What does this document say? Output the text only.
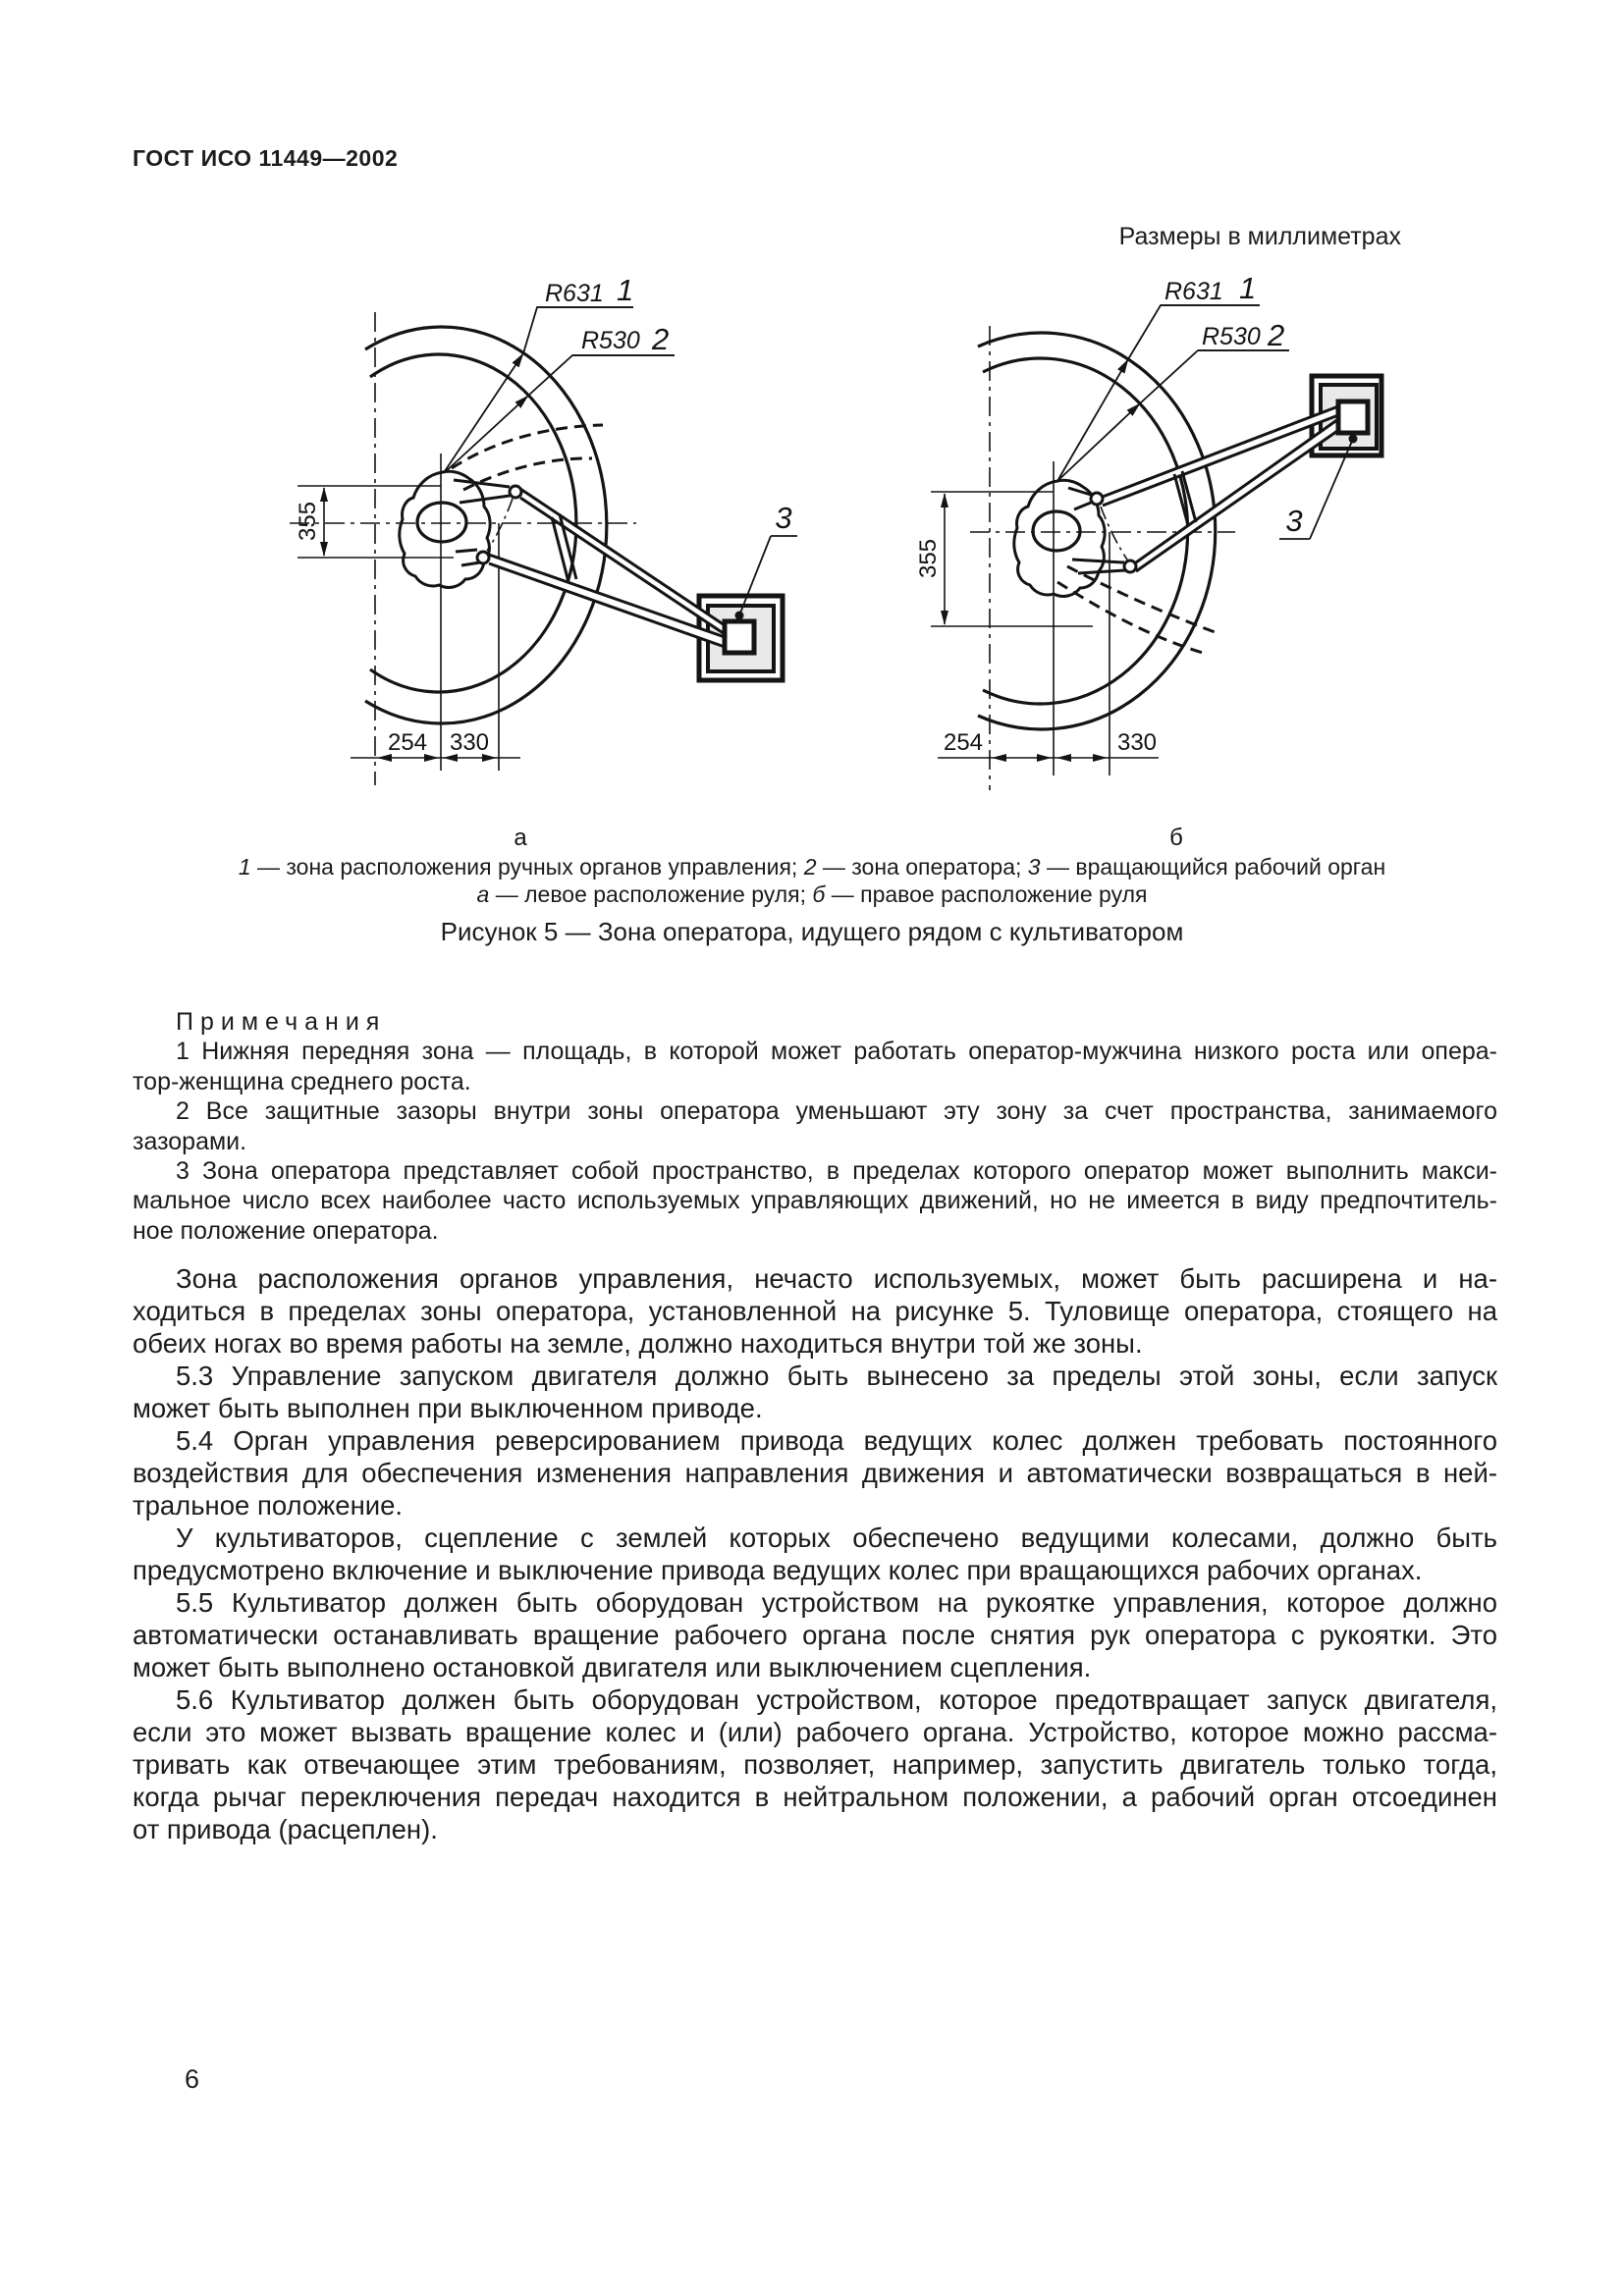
ГОСТ ИСО 11449—2002
Размеры в миллиметрах
355
254 330
R631 1
R530 2
3
а
355
254	330
R631 1
R530 2
3
б
1 — зона расположения ручных органов управления; 2 — зона оператора; 3 — вращающийся рабочий орган
а — левое расположение руля; б — правое расположение руля
Рисунок 5 — Зона оператора, идущего рядом с культиватором
Примечания
1 Нижняя передняя зона — площадь, в которой может работать оператор-мужчина низкого роста или опера-
тор-женщина среднего роста.
2 Все защитные зазоры внутри зоны оператора уменьшают эту зону за счет пространства, занимаемого
зазорами.
3 Зона оператора представляет собой пространство, в пределах которого оператор может выполнить макси-
мальное число всех наиболее часто используемых управляющих движений, но не имеется в виду предпочтитель-
ное положение оператора.
Зона расположения органов управления, нечасто используемых, может быть расширена и на-
ходиться в пределах зоны оператора, установленной на рисунке 5. Туловище оператора, стоящего на
обеих ногах во время работы на земле, должно находиться внутри той же зоны.
5.3 Управление запуском двигателя должно быть вынесено за пределы этой зоны, если запуск
может быть выполнен при выключенном приводе.
5.4 Орган управления реверсированием привода ведущих колес должен требовать постоянного
воздействия для обеспечения изменения направления движения и автоматически возвращаться в ней-
тральное положение.
У культиваторов, сцепление с землей которых обеспечено ведущими колесами, должно быть
предусмотрено включение и выключение привода ведущих колес при вращающихся рабочих органах.
5.5 Культиватор должен быть оборудован устройством на рукоятке управления, которое должно
автоматически останавливать вращение рабочего органа после снятия рук оператора с рукоятки. Это
может быть выполнено остановкой двигателя или выключением сцепления.
5.6 Культиватор должен быть оборудован устройством, которое предотвращает запуск двигателя,
если это может вызвать вращение колес и (или) рабочего органа. Устройство, которое можно рассма-
тривать как отвечающее этим требованиям, позволяет, например, запустить двигатель только тогда,
когда рычаг переключения передач находится в нейтральном положении, а рабочий орган отсоединен
от привода (расцеплен).
6
